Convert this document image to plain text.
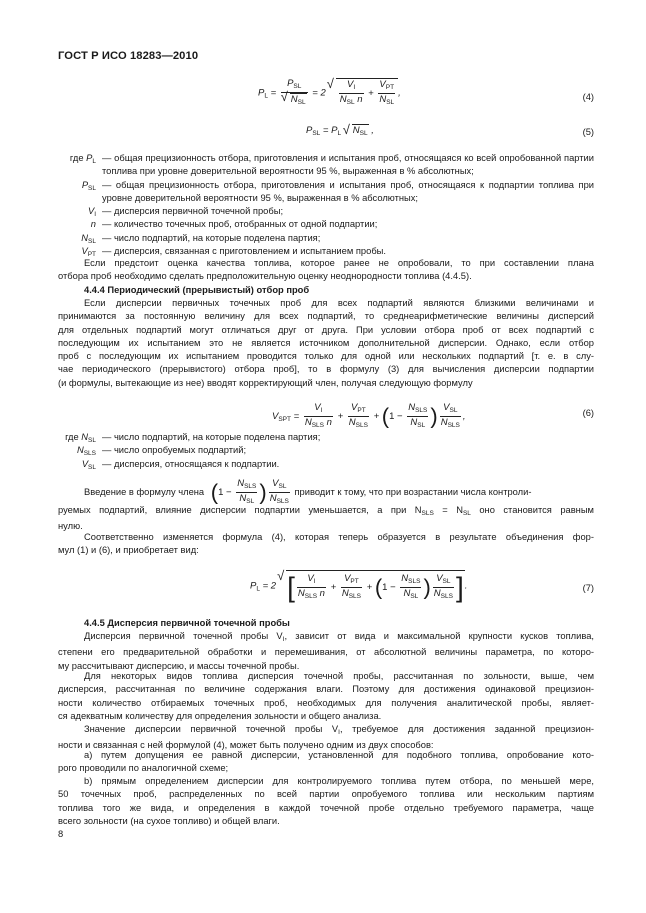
ГОСТ Р ИСО 18283—2010
$P_L = P_{SL}$
√ $N_{SL} = 2$
√ $\frac{V_I}{N_{SL} n} + \frac{V_{PT}}{N_{SL}}$ ,	(4)
$P_{SL} = P_L$ √ $N_{SL}$ ,	(5)
где $P_L$ — общая прецизионность отбора, приготовления и испытания проб, относящаяся ко всей опробованной партии топлива при уровне доверительной вероятности 95 %, выраженная в % абсолютных;
$P_{SL}$ — общая прецизионность отбора, приготовления и испытания проб, относящаяся к подпартии топлива при уровне доверительной вероятности 95 %, выраженная в % абсолютных;
$V_I$ — дисперсия первичной точечной пробы;
n — количество точечных проб, отобранных от одной подпартии;
$N_{SL}$ — число подпартий, на которые поделена партия;
$V_{PT}$ — дисперсия, связанная с приготовлением и испытанием пробы.
Если предстоит оценка качества топлива, которое ранее не опробовали, то при составлении плана
отбора проб необходимо сделать предположительную оценку неоднородности топлива (4.4.5).
4.4.4 Периодический (прерывистый) отбор проб
Если дисперсии первичных точечных проб для всех подпартий являются близкими величинами и
принимаются за постоянную величину для всех подпартий, то среднеарифметические величины дисперсий
для отдельных подпартий могут отличаться друг от друга. При условии отбора проб от всех подпартий с
последующим их испытанием это не является источником дополнительной дисперсии. Однако, если отбор
проб с последующим их испытанием проводится только для одной или нескольких подпартий [т. е. в слу-
чае периодического (прерывистого) отбора проб], то в формулу (3) для вычисления дисперсии подпартии
(и формулы, вытекающие из нее) вводят корректирующий член, получая следующую формулу
$V_{SPT} = \frac{V_I}{N_{SLS} n} + \frac{V_{PT}}{N_{SLS}} + (1 - \frac{N_{SLS}}{N_{SL}}$ ) $\frac{V_{SL}}{N_{SLS}}$ ,	(6)
где $N_{SL}$ — число подпартий, на которые поделена партия;
$N_{SLS}$ — число опробуемых подпартий;
$V_{SL}$ — дисперсия, относящаяся к подпартии.
Введение в формулу члена ($1 - \frac{N_{SLS}}{N_{SL}}$ ) $\frac{V_{SL}}{N_{SLS}}$ приводит к тому, что при возрастании числа контроли-
руемых подпартий, влияние дисперсии подпартии уменьшается, а при $N_{SLS} = N_{SL}$ оно становится равным
нулю.
Соответственно изменяется формула (4), которая теперь образуется в результате объединения фор-
мул (1) и (6), и приобретает вид:
$P_L = 2√$ [ $\frac{V_I}{N_{SLS} n} + \frac{V_{PT}}{N_{SLS}} + (1 - \frac{N_{SLS}}{N_{SL}}$ ) $\frac{V_{SL}}{N_{SLS}}$ ].	(7)
4.4.5 Дисперсия первичной точечной пробы
Дисперсия первичной точечной пробы $V_I$, зависит от вида и максимальной крупности кусков топлива,
степени его предварительной обработки и перемешивания, от абсолютной величины параметра, по которо-
му рассчитывают дисперсию, и массы точечной пробы.
Для некоторых видов топлива дисперсия точечной пробы, рассчитанная по зольности, выше, чем
дисперсия, рассчитанная по величине содержания влаги. Поэтому для достижения одинаковой прецизион-
ности количество отбираемых точечных проб, необходимых для получения аналитической пробы, являет-
ся адекватным количеству для определения зольности и общего анализа.
Значение дисперсии первичной точечной пробы $V_I$, требуемое для достижения заданной прецизион-
ности и связанная с ней формулой (4), может быть получено одним из двух способов:
а) путем допущения ее равной дисперсии, установленной для подобного топлива, опробование кото-
рого проводили по аналогичной схеме;
b) прямым определением дисперсии для контролируемого топлива путем отбора, по меньшей мере,
50 точечных проб, распределенных по всей партии опробуемого топлива или нескольким партиям
топлива того же вида, и определения в каждой точечной пробе отдельно требуемого параметра, чаще
всего зольности (на сухое топливо) и общей влаги.
8
